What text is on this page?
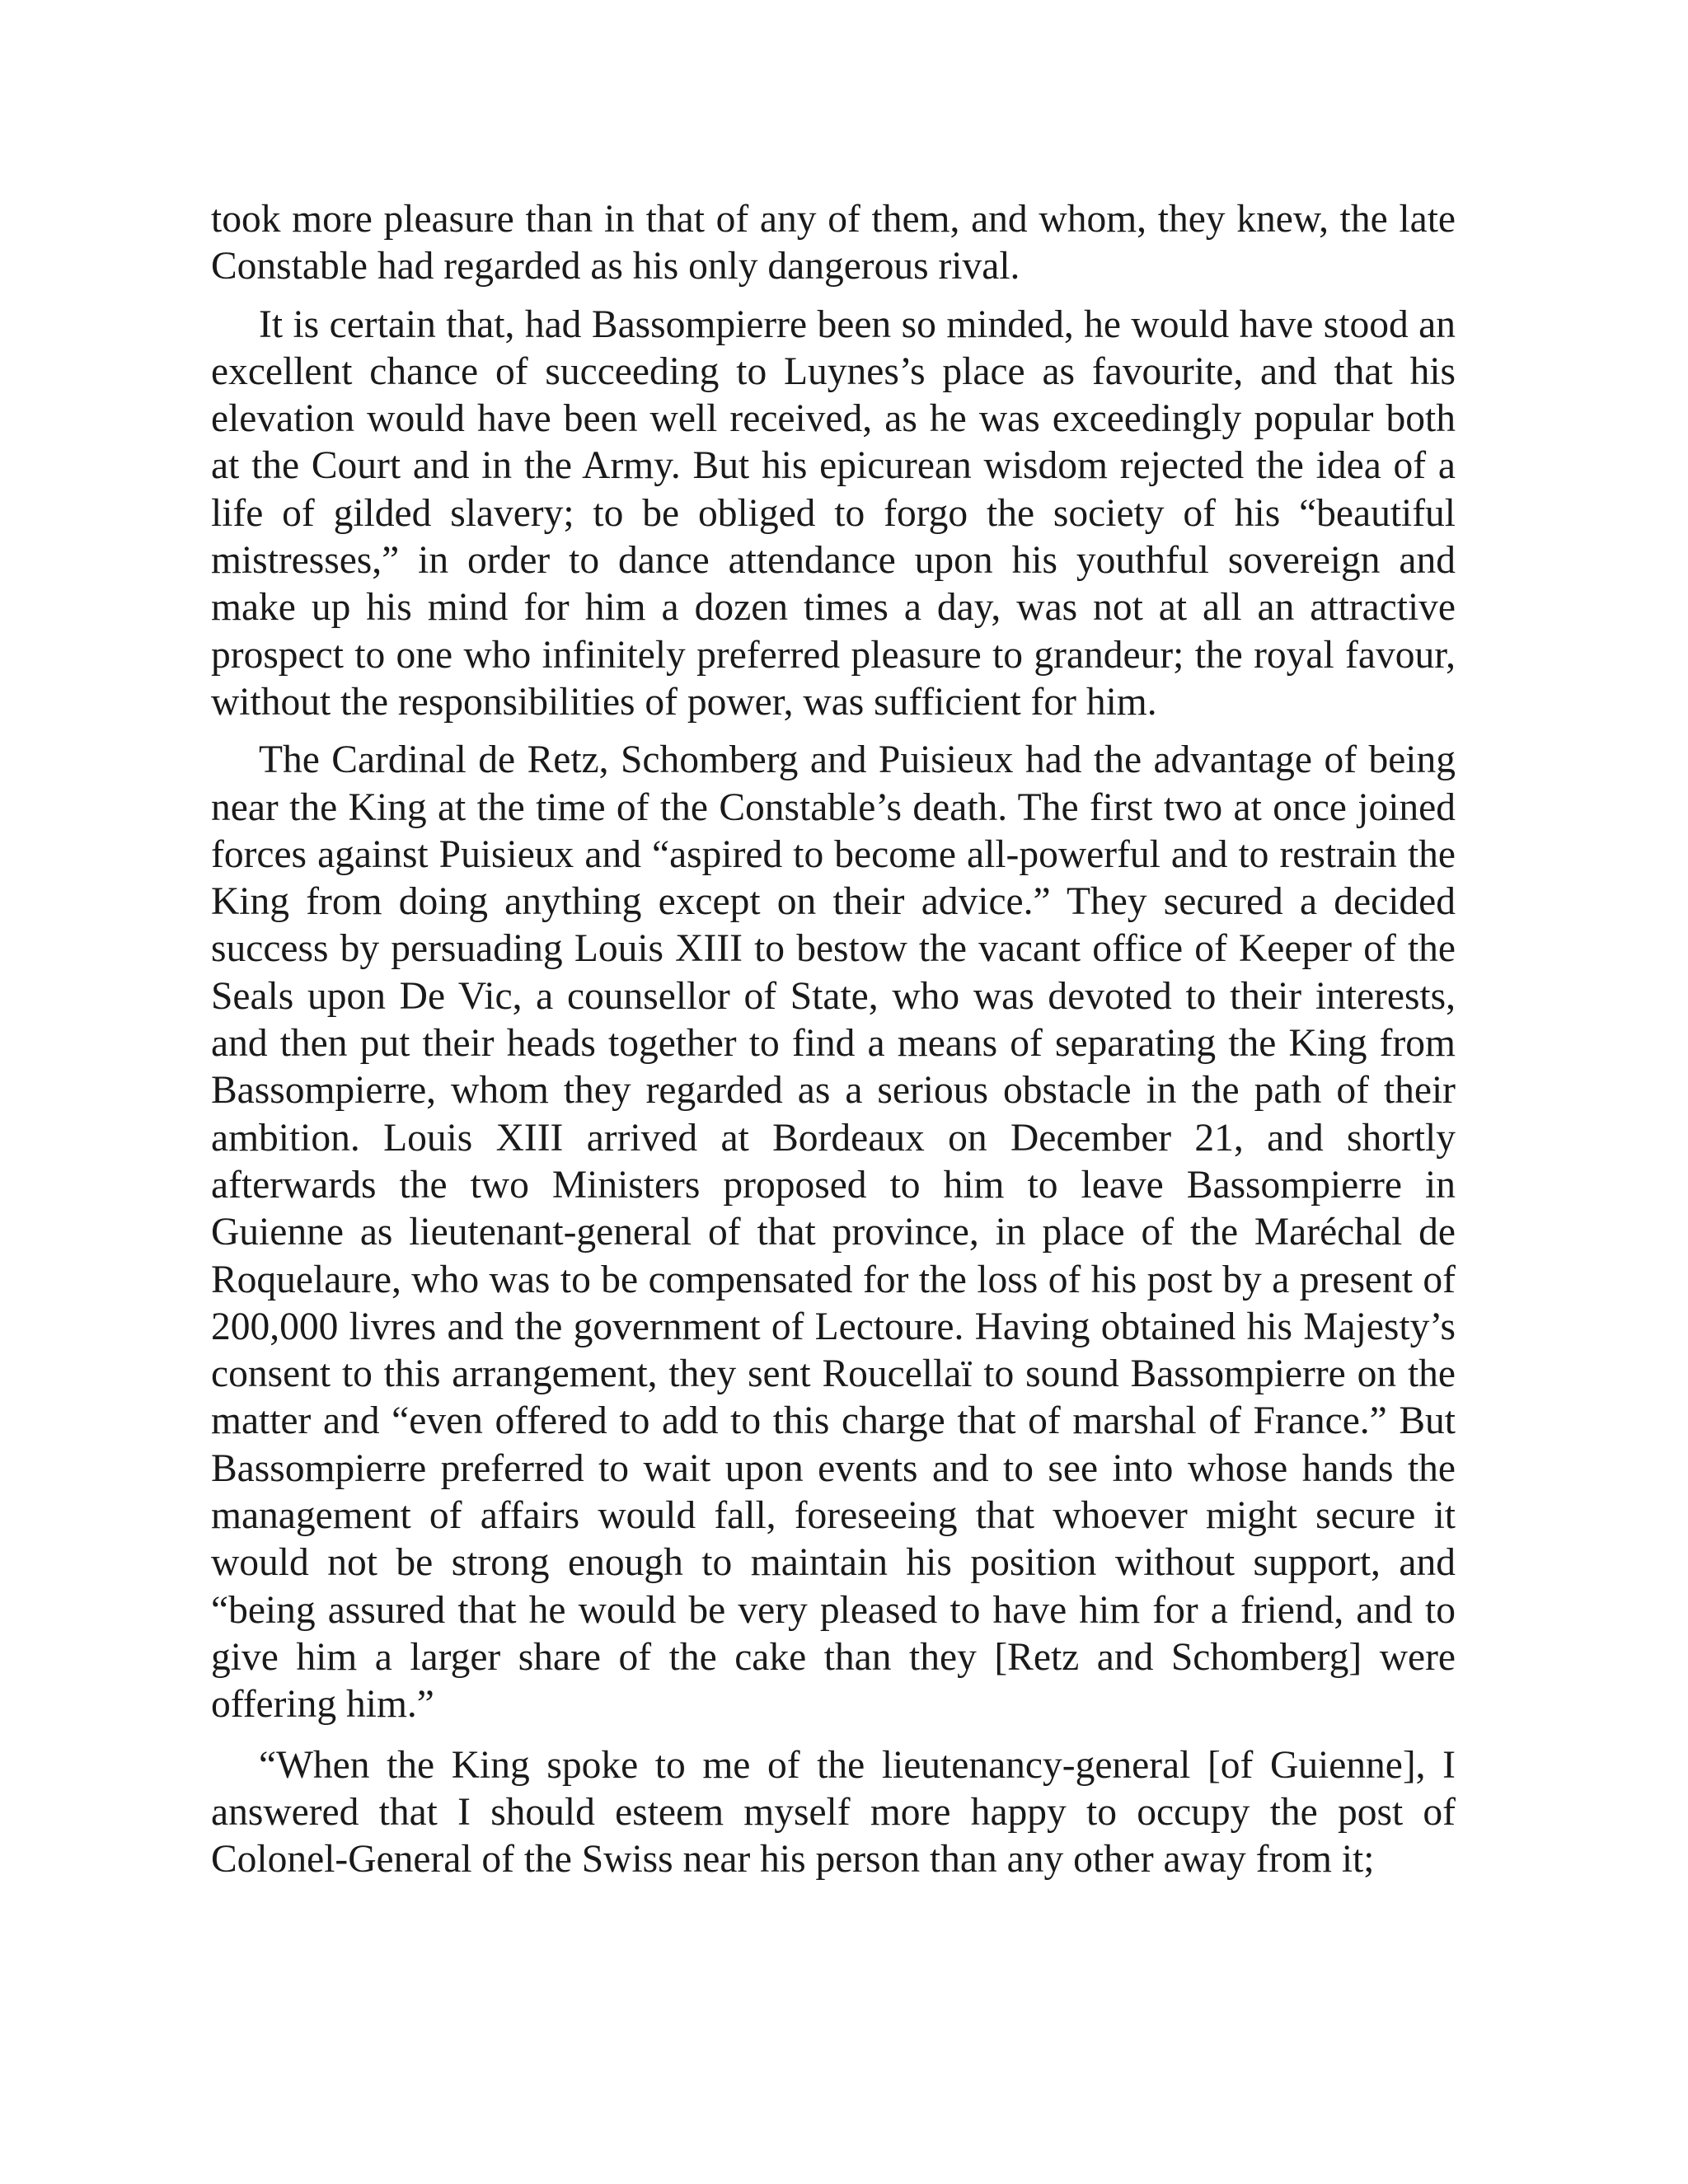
took more pleasure than in that of any of them, and whom, they knew, the late Constable had regarded as his only dangerous rival.

It is certain that, had Bassompierre been so minded, he would have stood an excellent chance of succeeding to Luynes’s place as favourite, and that his elevation would have been well received, as he was exceedingly popular both at the Court and in the Army. But his epicurean wisdom rejected the idea of a life of gilded slavery; to be obliged to forgo the society of his “beautiful mistresses,” in order to dance attendance upon his youthful sovereign and make up his mind for him a dozen times a day, was not at all an attractive prospect to one who infinitely preferred pleasure to grandeur; the royal favour, without the responsibilities of power, was sufficient for him.

The Cardinal de Retz, Schomberg and Puisieux had the advantage of being near the King at the time of the Constable’s death. The first two at once joined forces against Puisieux and “aspired to become all-powerful and to restrain the King from doing anything except on their advice.” They secured a decided success by persuading Louis XIII to bestow the vacant office of Keeper of the Seals upon De Vic, a counsellor of State, who was devoted to their interests, and then put their heads together to find a means of separating the King from Bassompierre, whom they regarded as a serious obstacle in the path of their ambition. Louis XIII arrived at Bordeaux on December 21, and shortly afterwards the two Ministers proposed to him to leave Bassompierre in Guienne as lieutenant-general of that province, in place of the Maréchal de Roquelaure, who was to be compensated for the loss of his post by a present of 200,000 livres and the government of Lectoure. Having obtained his Majesty’s consent to this arrangement, they sent Roucellaï to sound Bassompierre on the matter and “even offered to add to this charge that of marshal of France.” But Bassompierre preferred to wait upon events and to see into whose hands the management of affairs would fall, foreseeing that whoever might secure it would not be strong enough to maintain his position without support, and “being assured that he would be very pleased to have him for a friend, and to give him a larger share of the cake than they [Retz and Schomberg] were offering him.”

“When the King spoke to me of the lieutenancy-general [of Guienne], I answered that I should esteem myself more happy to occupy the post of Colonel-General of the Swiss near his person than any other away from it;
